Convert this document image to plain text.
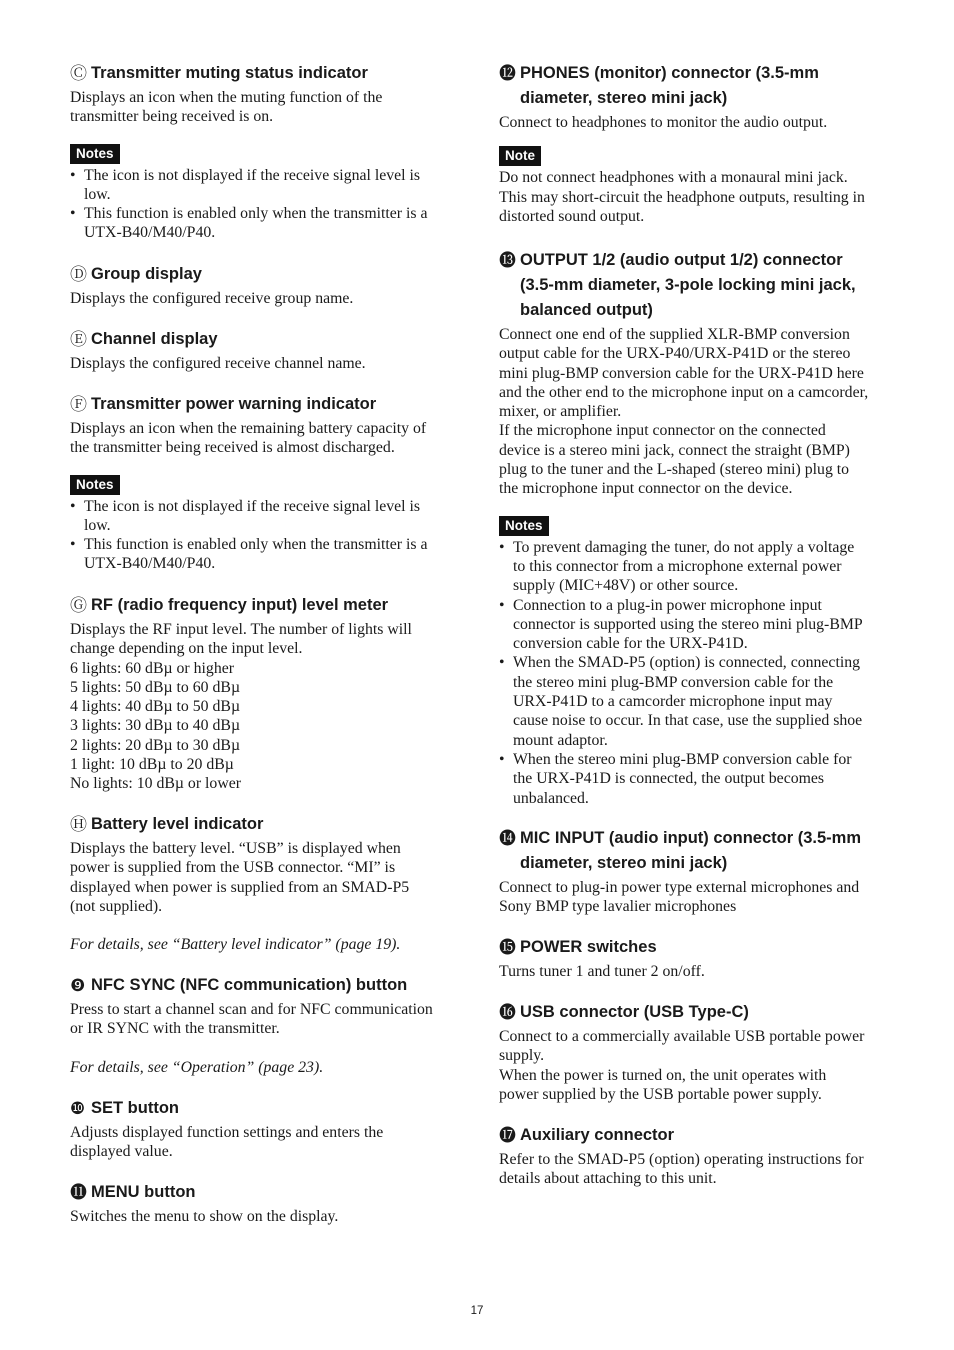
Ⓒ Transmitter muting status indicator

Displays an icon when the muting function of the
transmitter being received is on.

Notes
• The icon is not displayed if the receive signal level is
low.
• This function is enabled only when the transmitter is a
UTX-B40/M40/P40.
Ⓓ Group display

Displays the configured receive group name.

Ⓔ Channel display

Displays the configured receive channel name.

Ⓕ Transmitter power warning indicator

Displays an icon when the remaining battery capacity of
the transmitter being received is almost discharged.

Notes
• The icon is not displayed if the receive signal level is
low.
• This function is enabled only when the transmitter is a
UTX-B40/M40/P40.
Ⓖ RF (radio frequency input) level meter

Displays the RF input level. The number of lights will
change depending on the input level.
6 lights: 60 dBµ or higher
5 lights: 50 dBµ to 60 dBµ
4 lights: 40 dBµ to 50 dBµ
3 lights: 30 dBµ to 40 dBµ
2 lights: 20 dBµ to 30 dBµ
1 light: 10 dBµ to 20 dBµ
No lights: 10 dBµ or lower

Ⓗ Battery level indicator

Displays the battery level. “USB” is displayed when
power is supplied from the USB connector. “MI” is
displayed when power is supplied from an SMAD-P5
(not supplied).

For details, see “Battery level indicator” (page 19).

❾ NFC SYNC (NFC communication) button

Press to start a channel scan and for NFC communication
or IR SYNC with the transmitter.

For details, see “Operation” (page 23).

❿ SET button

Adjusts displayed function settings and enters the
displayed value.

⓫ MENU button

Switches the menu to show on the display.

⓬ PHONES (monitor) connector (3.5-mm
diameter, stereo mini jack)

Connect to headphones to monitor the audio output.

Note

Do not connect headphones with a monaural mini jack.
This may short-circuit the headphone outputs, resulting in
distorted sound output.

⓭ OUTPUT 1/2 (audio output 1/2) connector
(3.5-mm diameter, 3-pole locking mini jack,
balanced output)

Connect one end of the supplied XLR-BMP conversion
output cable for the URX-P40/URX-P41D or the stereo
mini plug-BMP conversion cable for the URX-P41D here
and the other end to the microphone input on a camcorder,
mixer, or amplifier.
If the microphone input connector on the connected
device is a stereo mini jack, connect the straight (BMP)
plug to the tuner and the L-shaped (stereo mini) plug to
the microphone input connector on the device.

Notes
• To prevent damaging the tuner, do not apply a voltage
to this connector from a microphone external power
supply (MIC+48V) or other source.
• Connection to a plug-in power microphone input
connector is supported using the stereo mini plug-BMP
conversion cable for the URX-P41D.
• When the SMAD-P5 (option) is connected, connecting
the stereo mini plug-BMP conversion cable for the
URX-P41D to a camcorder microphone input may
cause noise to occur. In that case, use the supplied shoe
mount adaptor.
• When the stereo mini plug-BMP conversion cable for
the URX-P41D is connected, the output becomes
unbalanced.
⓮ MIC INPUT (audio input) connector (3.5-mm
diameter, stereo mini jack)

Connect to plug-in power type external microphones and
Sony BMP type lavalier microphones

⓯ POWER switches

Turns tuner 1 and tuner 2 on/off.

⓰ USB connector (USB Type-C)

Connect to a commercially available USB portable power
supply.
When the power is turned on, the unit operates with
power supplied by the USB portable power supply.

⓱ Auxiliary connector

Refer to the SMAD-P5 (option) operating instructions for
details about attaching to this unit.

17
